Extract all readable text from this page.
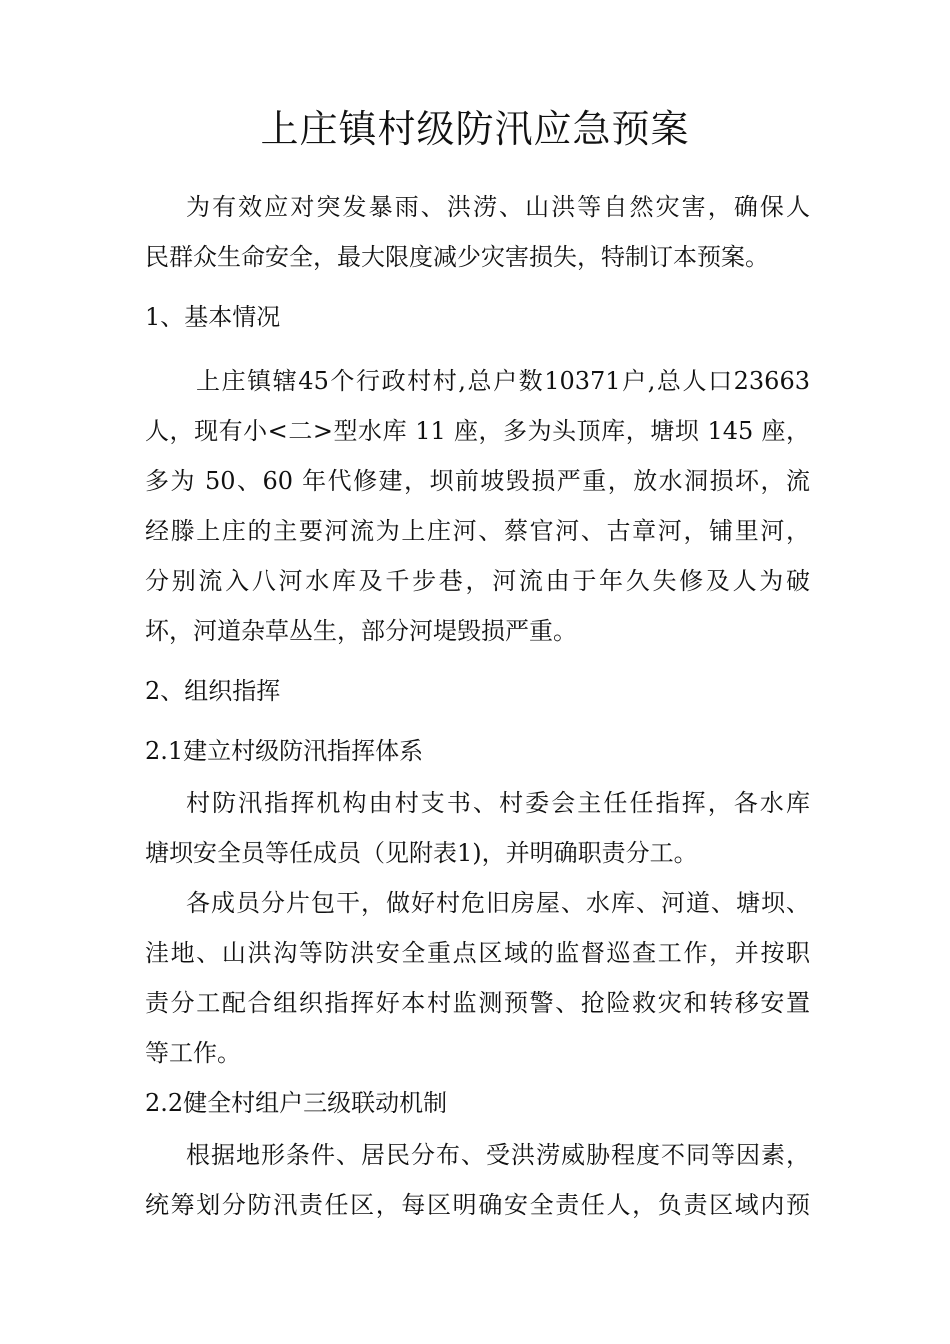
上庄镇村级防汛应急预案
为有效应对突发暴雨、洪涝、山洪等自然灾害，确保人
民群众生命安全，最大限度减少灾害损失，特制订本预案。
1、基本情况
上庄镇辖45个行政村村,总户数10371户,总人口23663
人，现有小<二>型水库 11 座，多为头顶库，塘坝 145 座，
多为 50、60 年代修建，坝前坡毁损严重，放水洞损坏，流
经滕上庄的主要河流为上庄河、蔡官河、古章河，铺里河，
分别流入八河水库及千步巷，河流由于年久失修及人为破
坏，河道杂草丛生，部分河堤毁损严重。
2、组织指挥
2.1建立村级防汛指挥体系
村防汛指挥机构由村支书、村委会主任任指挥，各水库
塘坝安全员等任成员（见附表1)，并明确职责分工。
各成员分片包干，做好村危旧房屋、水库、河道、塘坝、
洼地、山洪沟等防洪安全重点区域的监督巡查工作，并按职
责分工配合组织指挥好本村监测预警、抢险救灾和转移安置
等工作。
2.2健全村组户三级联动机制
根据地形条件、居民分布、受洪涝威胁程度不同等因素，
统筹划分防汛责任区，每区明确安全责任人，负责区域内预
